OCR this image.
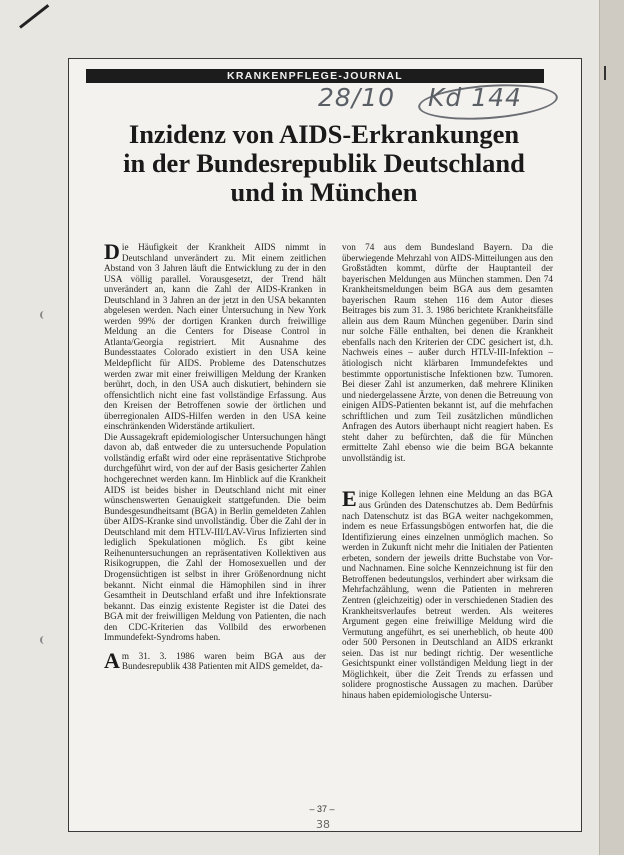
KRANKENPFLEGE-JOURNAL
28/10 Kd 144
Inzidenz von AIDS-Erkrankungen
in der Bundesrepublik Deutschland
und in München

Die Häufigkeit der Krankheit AIDS nimmt in Deutschland unverändert zu. Mit einem zeitlichen Abstand von 3 Jahren läuft die Entwicklung zu der in den USA völlig parallel. Vorausgesetzt, der Trend hält unverändert an, kann die Zahl der AIDS-Kranken in Deutschland in 3 Jahren an der jetzt in den USA bekannten abgelesen werden. Nach einer Untersuchung in New York werden 99% der dortigen Kranken durch freiwillige Meldung an die Centers for Disease Control in Atlanta/Georgia registriert. Mit Ausnahme des Bundesstaates Colorado existiert in den USA keine Meldepflicht für AIDS. Probleme des Datenschutzes werden zwar mit einer freiwilligen Meldung der Kranken berührt, doch, in den USA auch diskutiert, behindern sie offensichtlich nicht eine fast vollständige Erfassung. Aus den Kreisen der Betroffenen sowie der örtlichen und überregionalen AIDS-Hilfen werden in den USA keine einschränkenden Widerstände artikuliert.

Die Aussagekraft epidemiologischer Untersuchungen hängt davon ab, daß entweder die zu untersuchende Population vollständig erfaßt wird oder eine repräsentative Stichprobe durchgeführt wird, von der auf der Basis gesicherter Zahlen hochgerechnet werden kann. Im Hinblick auf die Krankheit AIDS ist beides bisher in Deutschland nicht mit einer wünschenswerten Genauigkeit stattgefunden. Die beim Bundesgesundheitsamt (BGA) in Berlin gemeldeten Zahlen über AIDS-Kranke sind unvollständig. Über die Zahl der in Deutschland mit dem HTLV-III/LAV-Virus Infizierten sind lediglich Spekulationen möglich. Es gibt keine Reihenuntersuchungen an repräsentativen Kollektiven aus Risikogruppen, die Zahl der Homosexuellen und der Drogensüchtigen ist selbst in ihrer Größenordnung nicht bekannt. Nicht einmal die Hämophilen sind in ihrer Gesamtheit in Deutschland erfaßt und ihre Infektionsrate bekannt. Das einzig existente Register ist die Datei des BGA mit der freiwilligen Meldung von Patienten, die nach den CDC-Kriterien das Vollbild des erworbenen Immundefekt-Syndroms haben.

Am 31. 3. 1986 waren beim BGA aus der Bundesrepublik 438 Patienten mit AIDS gemeldet, da-

von 74 aus dem Bundesland Bayern. Da die überwiegende Mehrzahl von AIDS-Mitteilungen aus den Großstädten kommt, dürfte der Hauptanteil der bayerischen Meldungen aus München stammen. Den 74 Krankheitsmeldungen beim BGA aus dem gesamten bayerischen Raum stehen 116 dem Autor dieses Beitrages bis zum 31. 3. 1986 berichtete Krankheitsfälle allein aus dem Raum München gegenüber. Darin sind nur solche Fälle enthalten, bei denen die Krankheit ebenfalls nach den Kriterien der CDC gesichert ist, d.h. Nachweis eines – außer durch HTLV-III-Infektion – ätiologisch nicht klärbaren Immundefektes und bestimmte opportunistische Infektionen bzw. Tumoren. Bei dieser Zahl ist anzumerken, daß mehrere Kliniken und niedergelassene Ärzte, von denen die Betreuung von einigen AIDS-Patienten bekannt ist, auf die mehrfachen schriftlichen und zum Teil zusätzlichen mündlichen Anfragen des Autors überhaupt nicht reagiert haben. Es steht daher zu befürchten, daß die für München ermittelte Zahl ebenso wie die beim BGA bekannte unvollständig ist.

Einige Kollegen lehnen eine Meldung an das BGA aus Gründen des Datenschutzes ab. Dem Bedürfnis nach Datenschutz ist das BGA weiter nachgekommen, indem es neue Erfassungsbögen entworfen hat, die die Identifizierung eines einzelnen unmöglich machen. So werden in Zukunft nicht mehr die Initialen der Patienten erbeten, sondern der jeweils dritte Buchstabe von Vor- und Nachnamen. Eine solche Kennzeichnung ist für den Betroffenen bedeutungslos, verhindert aber wirksam die Mehrfachzählung, wenn die Patienten in mehreren Zentren (gleichzeitig) oder in verschiedenen Stadien des Krankheitsverlaufes betreut werden. Als weiteres Argument gegen eine freiwillige Meldung wird die Vermutung angeführt, es sei unerheblich, ob heute 400 oder 500 Personen in Deutschland an AIDS erkrankt seien. Das ist nur bedingt richtig. Der wesentliche Gesichtspunkt einer vollständigen Meldung liegt in der Möglichkeit, über die Zeit Trends zu erfassen und solidere prognostische Aussagen zu machen. Darüber hinaus haben epidemiologische Untersu-

– 37 –
38
